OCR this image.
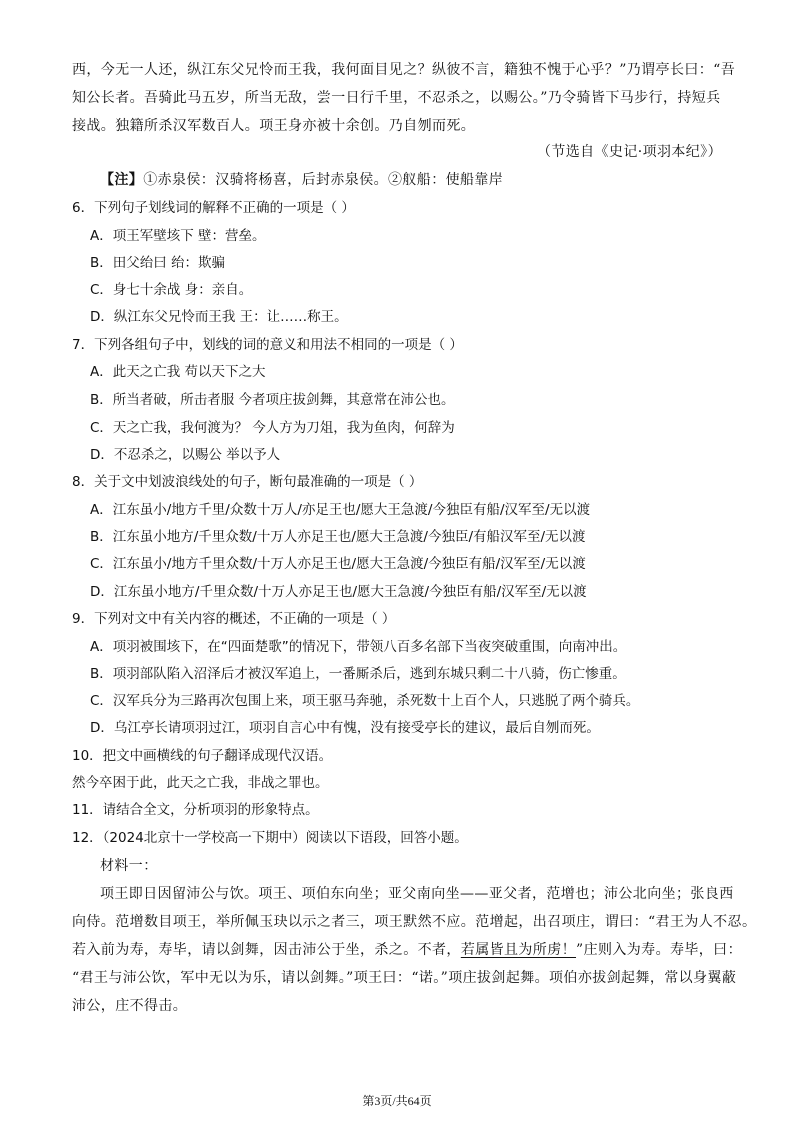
西，今无一人还，纵江东父兄怜而王我，我何面目见之？纵彼不言，籍独不愧于心乎？”乃谓亭长曰：“吾
知公长者。吾骑此马五岁，所当无敌，尝一日行千里，不忍杀之，以赐公。”乃令骑皆下马步行，持短兵
接战。独籍所杀汉军数百人。项王身亦被十余创。乃自刎而死。
（节选自《史记·项羽本纪》）
【注】①赤泉侯：汉骑将杨喜，后封赤泉侯。②舣船：使船靠岸
6．下列句子划线词的解释不正确的一项是（ ）
A．项王军壁垓下 壁：营垒。
B．田父绐曰 绐：欺骗
C．身七十余战 身：亲自。
D．纵江东父兄怜而王我 王：让……称王。
7．下列各组句子中，划线的词的意义和用法不相同的一项是（ ）
A．此天之亡我 苟以天下之大
B．所当者破，所击者服 今者项庄拔剑舞，其意常在沛公也。
C．天之亡我，我何渡为？ 今人方为刀俎，我为鱼肉，何辞为
D．不忍杀之，以赐公 举以予人
8．关于文中划波浪线处的句子，断句最准确的一项是（ ）
A．江东虽小/地方千里/众数十万人/亦足王也/愿大王急渡/今独臣有船/汉军至/无以渡
B．江东虽小地方/千里众数/十万人亦足王也/愿大王急渡/今独臣/有船汉军至/无以渡
C．江东虽小/地方千里众数/十万人亦足王也/愿大王急渡/今独臣有船/汉军至/无以渡
D．江东虽小地方/千里众数/十万人亦足王也/愿大王急渡/今独臣有船/汉军至/无以渡
9．下列对文中有关内容的概述，不正确的一项是（ ）
A．项羽被围垓下，在“四面楚歌”的情况下，带领八百多名部下当夜突破重围，向南冲出。
B．项羽部队陷入沼泽后才被汉军追上，一番厮杀后，逃到东城只剩二十八骑，伤亡惨重。
C．汉军兵分为三路再次包围上来，项王驱马奔驰，杀死数十上百个人，只逃脱了两个骑兵。
D．乌江亭长请项羽过江，项羽自言心中有愧，没有接受亭长的建议，最后自刎而死。
10．把文中画横线的句子翻译成现代汉语。
然今卒困于此，此天之亡我，非战之罪也。
11．请结合全文，分析项羽的形象特点。
12．（2024北京十一学校高一下期中）阅读以下语段，回答小题。
材料一：
项王即日因留沛公与饮。项王、项伯东向坐；亚父南向坐——亚父者，范增也；沛公北向坐；张良西
向侍。范增数目项王，举所佩玉玦以示之者三，项王默然不应。范增起，出召项庄，谓曰：“君王为人不忍。
若入前为寿，寿毕，请以剑舞，因击沛公于坐，杀之。不者，若属皆且为所虏！”庄则入为寿。寿毕，曰：
“君王与沛公饮，军中无以为乐，请以剑舞。”项王曰：“诺。”项庄拔剑起舞。项伯亦拔剑起舞，常以身翼蔽
沛公，庄不得击。
第3页/共64页
